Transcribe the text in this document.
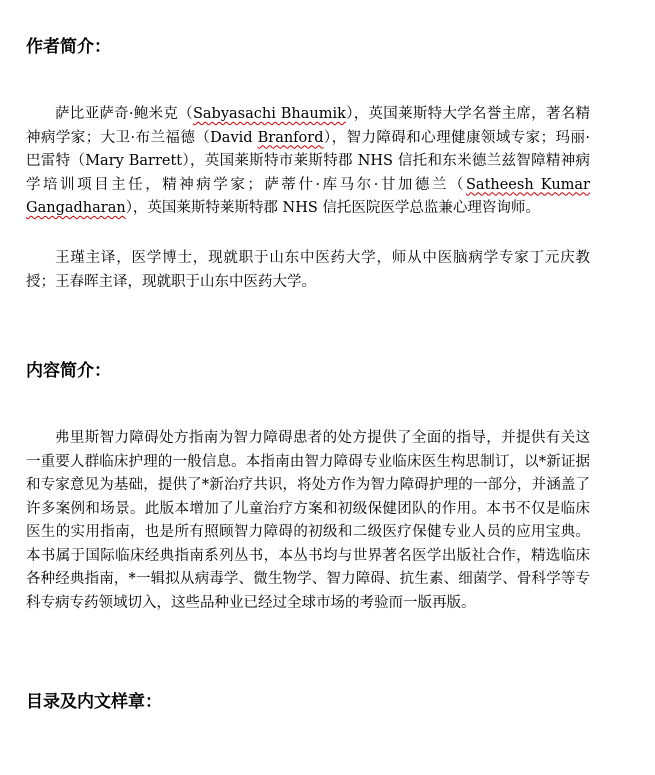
作者简介：

萨比亚萨奇·鲍米克（Sabyasachi Bhaumik），英国莱斯特大学名誉主席，著名精神病学家；大卫·布兰福德（David Branford），智力障碍和心理健康领域专家；玛丽·巴雷特（Mary Barrett），英国莱斯特市莱斯特郡 NHS 信托和东米德兰兹智障精神病学培训项目主任，精神病学家；萨蒂什·库马尔·甘加德兰（Satheesh Kumar Gangadharan），英国莱斯特莱斯特郡 NHS 信托医院医学总监兼心理咨询师。

王瑾主译，医学博士，现就职于山东中医药大学，师从中医脑病学专家丁元庆教授；王春晖主译，现就职于山东中医药大学。

内容简介：

弗里斯智力障碍处方指南为智力障碍患者的处方提供了全面的指导，并提供有关这一重要人群临床护理的一般信息。本指南由智力障碍专业临床医生构思制订，以*新证据和专家意见为基础，提供了*新治疗共识，将处方作为智力障碍护理的一部分，并涵盖了许多案例和场景。此版本增加了儿童治疗方案和初级保健团队的作用。本书不仅是临床医生的实用指南，也是所有照顾智力障碍的初级和二级医疗保健专业人员的应用宝典。本书属于国际临床经典指南系列丛书，本丛书均与世界著名医学出版社合作，精选临床各种经典指南，*一辑拟从病毒学、微生物学、智力障碍、抗生素、细菌学、骨科学等专科专病专药领域切入，这些品种业已经过全球市场的考验而一版再版。

目录及内文样章：
